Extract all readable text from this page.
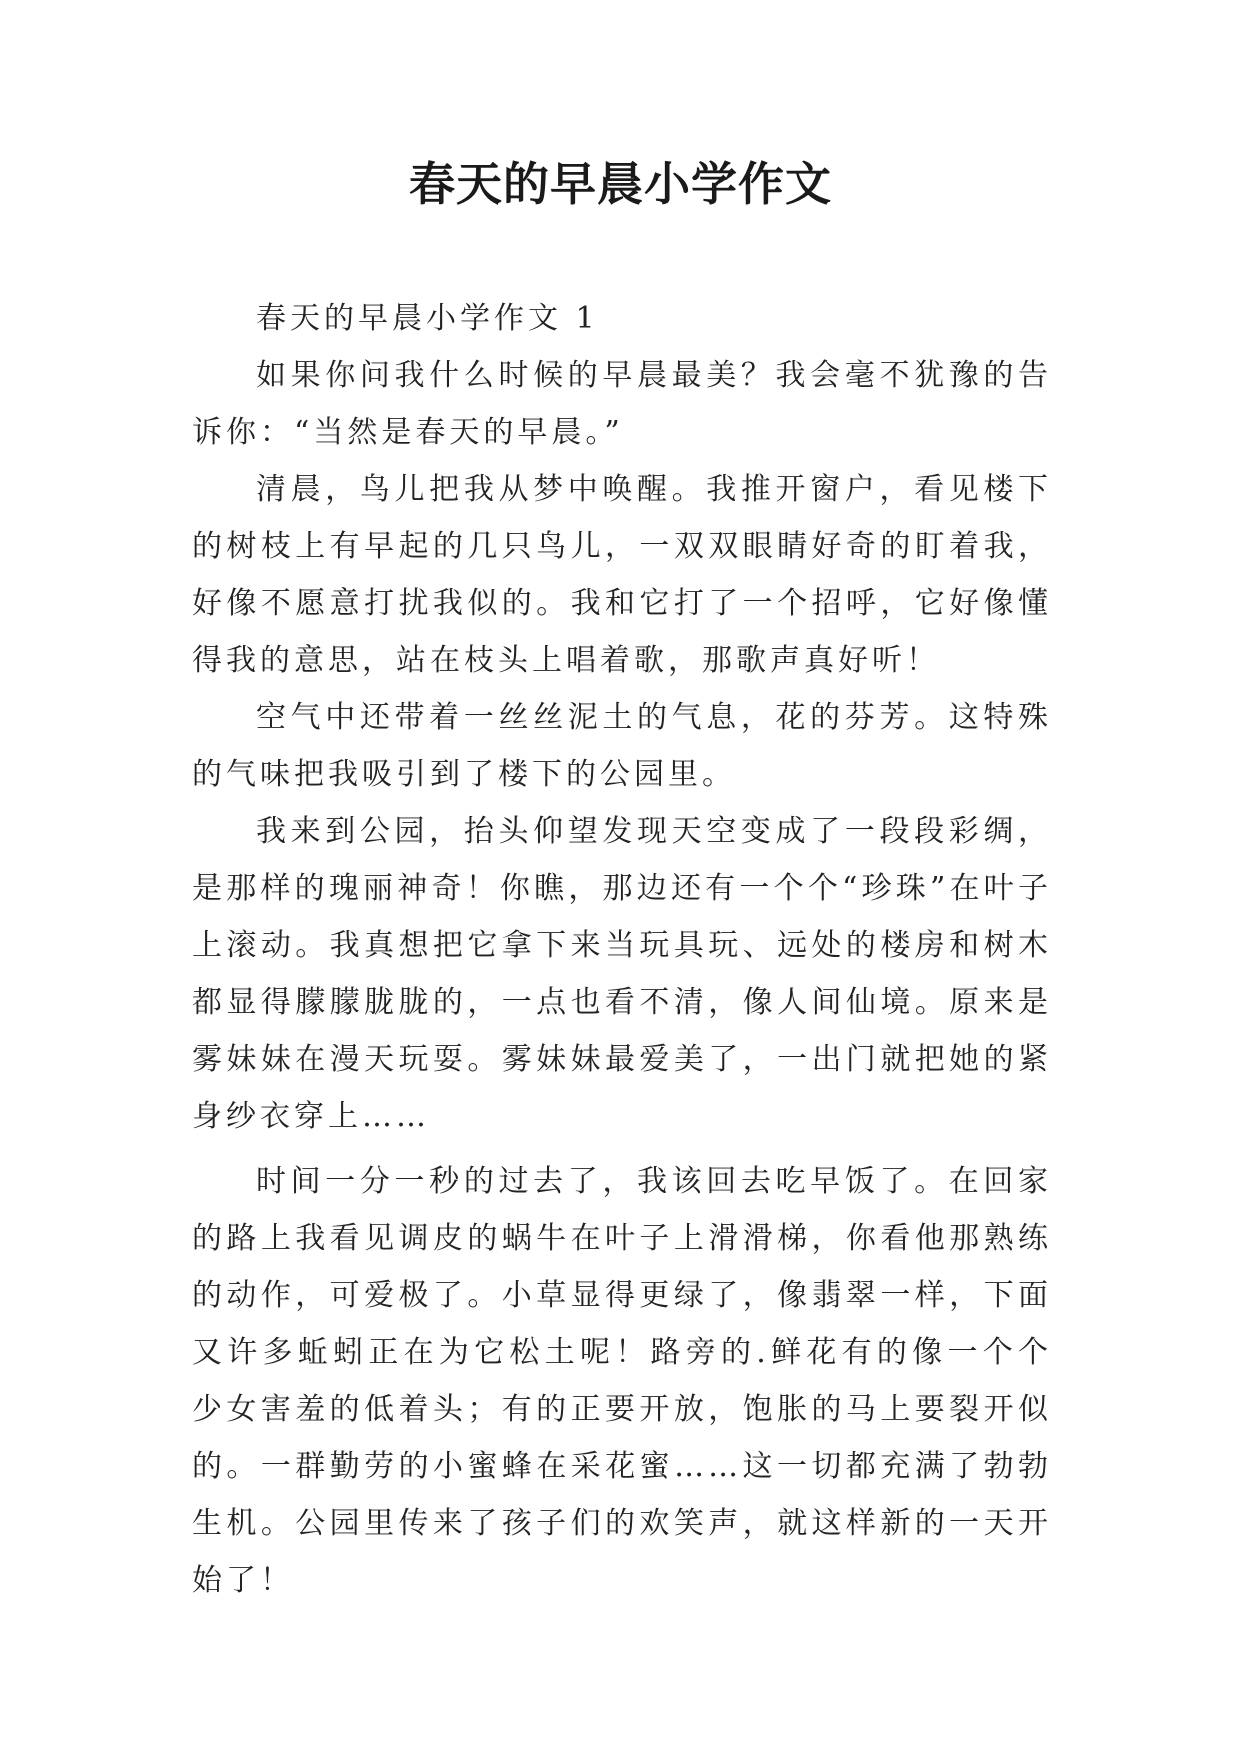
春天的早晨小学作文

春天的早晨小学作文 1

如果你问我什么时候的早晨最美？我会毫不犹豫的告诉你：“当然是春天的早晨。”

清晨，鸟儿把我从梦中唤醒。我推开窗户，看见楼下的树枝上有早起的几只鸟儿，一双双眼睛好奇的盯着我，好像不愿意打扰我似的。我和它打了一个招呼，它好像懂得我的意思，站在枝头上唱着歌，那歌声真好听！

空气中还带着一丝丝泥土的气息，花的芬芳。这特殊的气味把我吸引到了楼下的公园里。

我来到公园，抬头仰望发现天空变成了一段段彩绸，是那样的瑰丽神奇！你瞧，那边还有一个个“珍珠”在叶子上滚动。我真想把它拿下来当玩具玩、远处的楼房和树木都显得朦朦胧胧的，一点也看不清，像人间仙境。原来是雾妹妹在漫天玩耍。雾妹妹最爱美了，一出门就把她的紧身纱衣穿上……

时间一分一秒的过去了，我该回去吃早饭了。在回家的路上我看见调皮的蜗牛在叶子上滑滑梯，你看他那熟练的动作，可爱极了。小草显得更绿了，像翡翠一样，下面又许多蚯蚓正在为它松土呢！路旁的.鲜花有的像一个个少女害羞的低着头；有的正要开放，饱胀的马上要裂开似的。一群勤劳的小蜜蜂在采花蜜……这一切都充满了勃勃生机。公园里传来了孩子们的欢笑声，就这样新的一天开始了！
